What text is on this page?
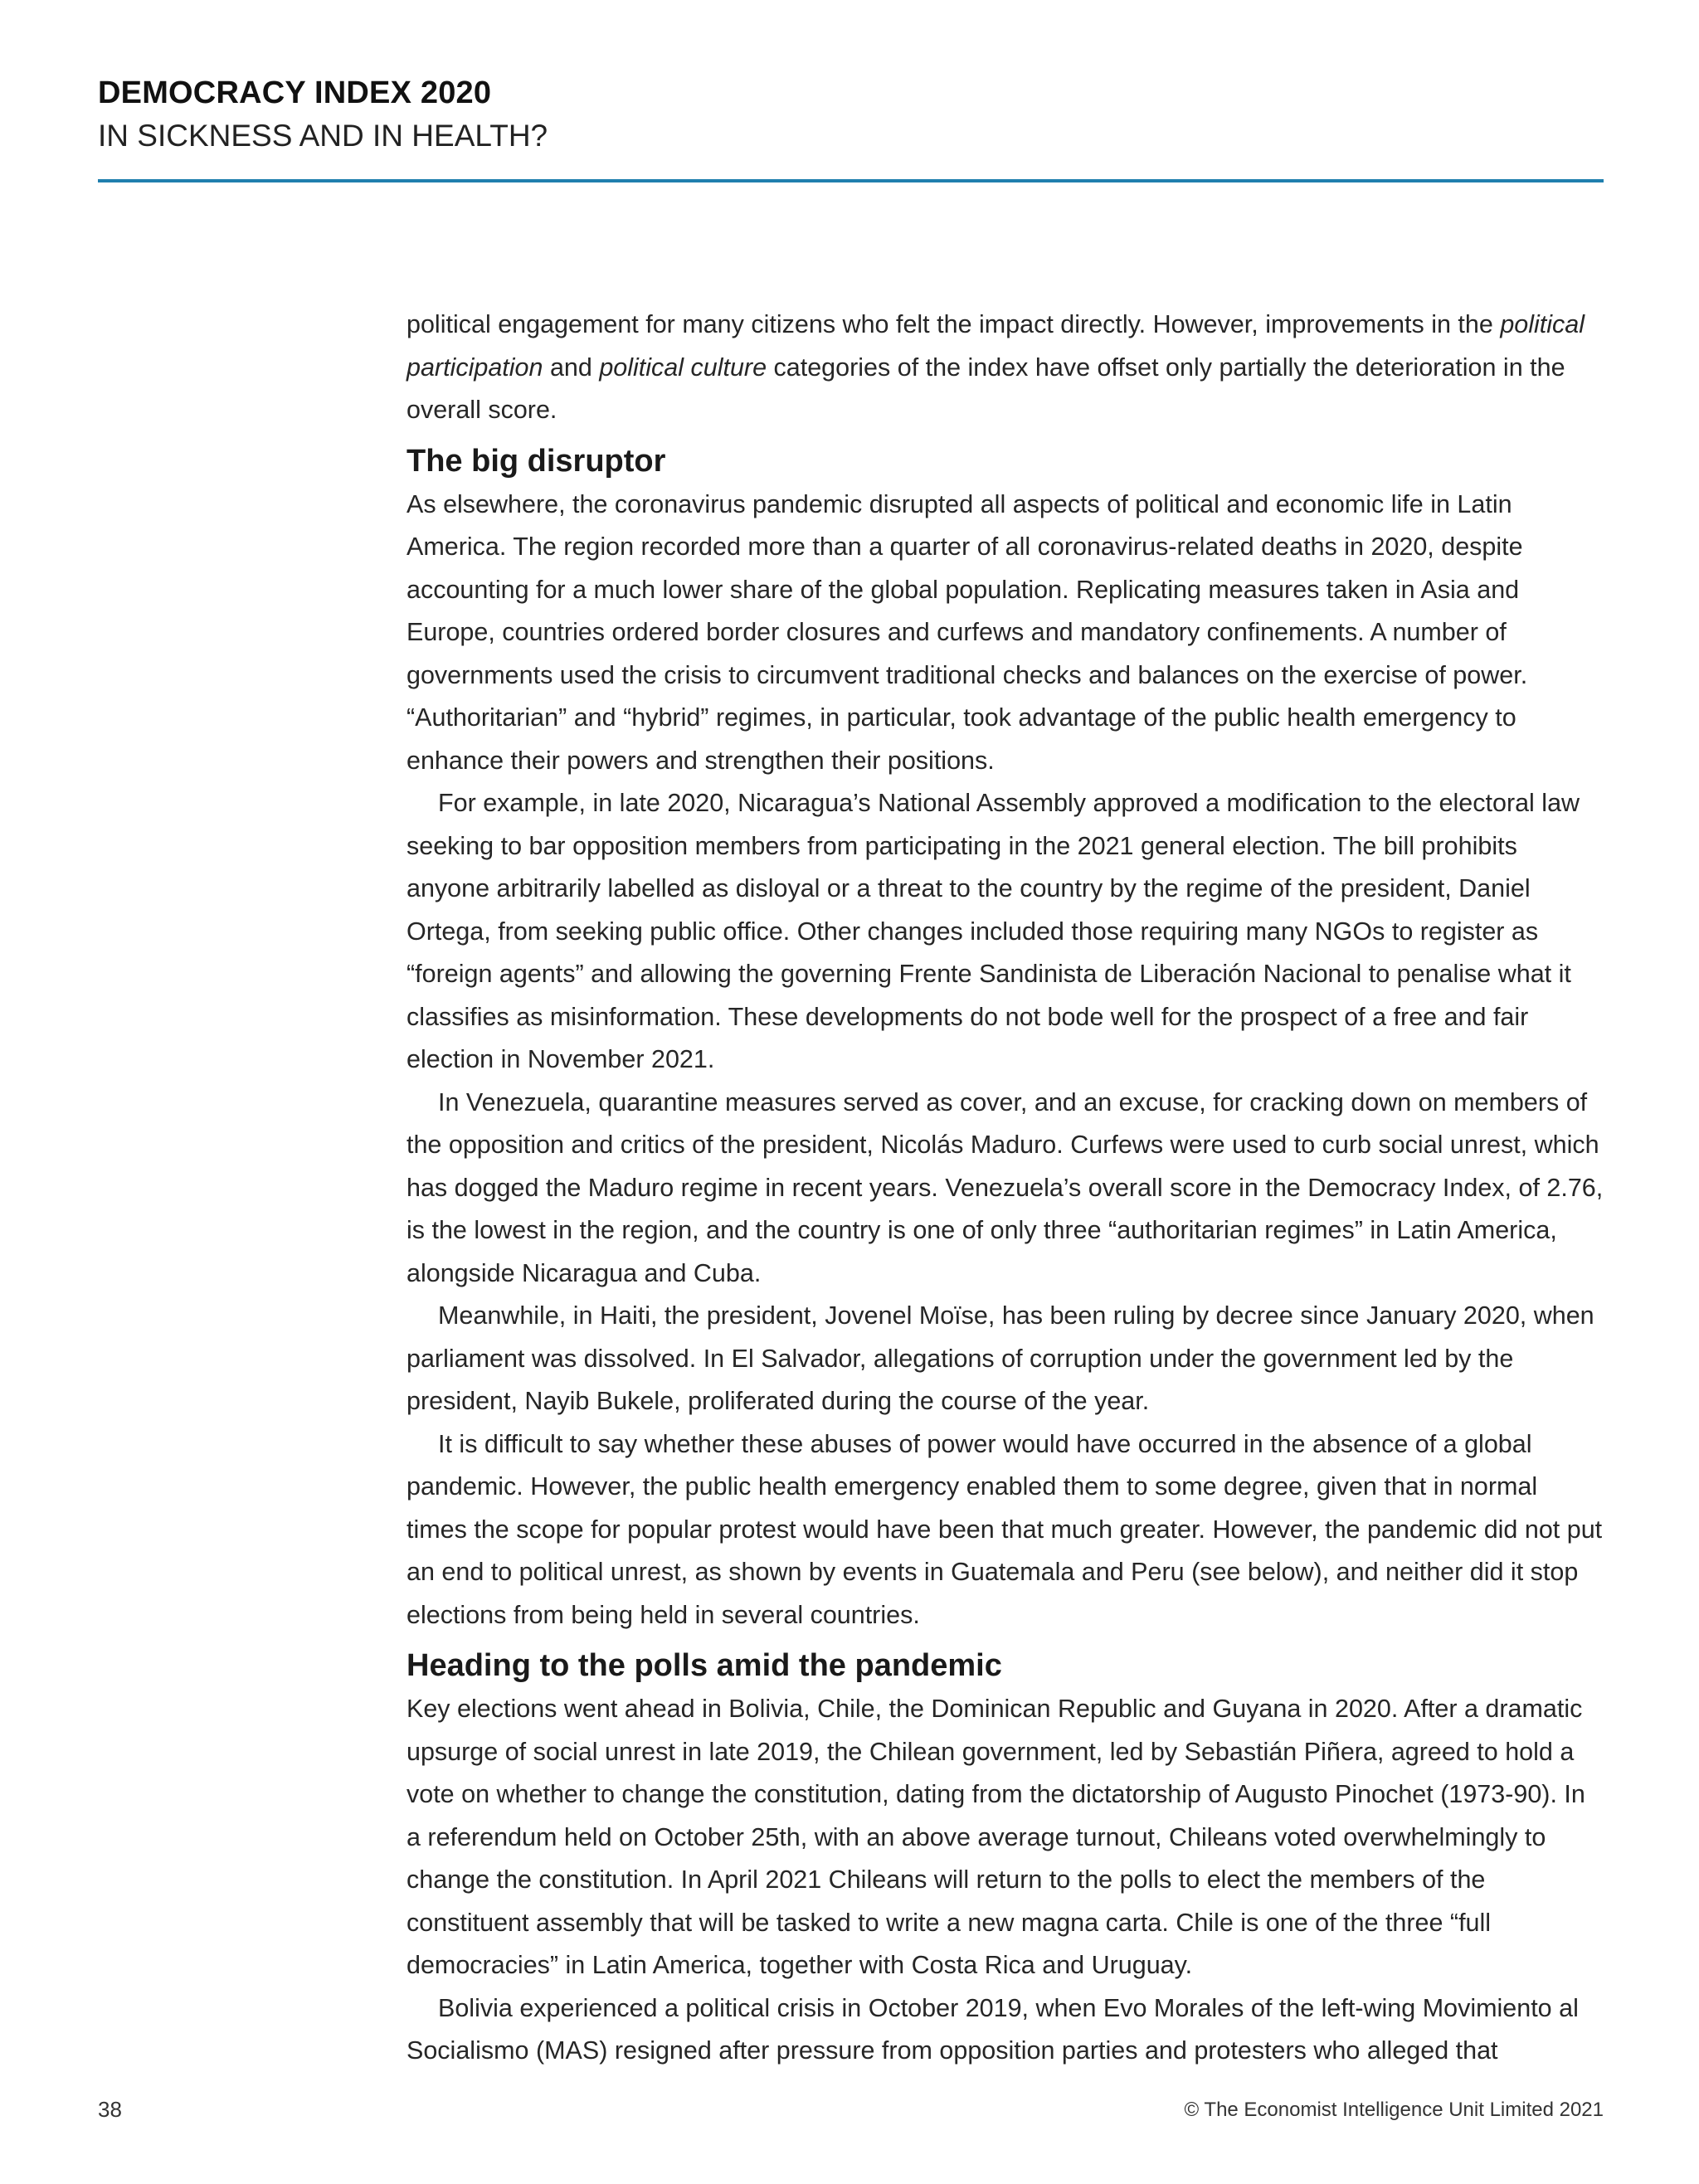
DEMOCRACY INDEX 2020
IN SICKNESS AND IN HEALTH?

political engagement for many citizens who felt the impact directly. However, improvements in the political participation and political culture categories of the index have offset only partially the deterioration in the overall score.

The big disruptor

As elsewhere, the coronavirus pandemic disrupted all aspects of political and economic life in Latin America. The region recorded more than a quarter of all coronavirus-related deaths in 2020, despite accounting for a much lower share of the global population. Replicating measures taken in Asia and Europe, countries ordered border closures and curfews and mandatory confinements. A number of governments used the crisis to circumvent traditional checks and balances on the exercise of power. “Authoritarian” and “hybrid” regimes, in particular, took advantage of the public health emergency to enhance their powers and strengthen their positions.

For example, in late 2020, Nicaragua’s National Assembly approved a modification to the electoral law seeking to bar opposition members from participating in the 2021 general election. The bill prohibits anyone arbitrarily labelled as disloyal or a threat to the country by the regime of the president, Daniel Ortega, from seeking public office. Other changes included those requiring many NGOs to register as “foreign agents” and allowing the governing Frente Sandinista de Liberación Nacional to penalise what it classifies as misinformation. These developments do not bode well for the prospect of a free and fair election in November 2021.

In Venezuela, quarantine measures served as cover, and an excuse, for cracking down on members of the opposition and critics of the president, Nicolás Maduro. Curfews were used to curb social unrest, which has dogged the Maduro regime in recent years. Venezuela’s overall score in the Democracy Index, of 2.76, is the lowest in the region, and the country is one of only three “authoritarian regimes” in Latin America, alongside Nicaragua and Cuba.

Meanwhile, in Haiti, the president, Jovenel Moïse, has been ruling by decree since January 2020, when parliament was dissolved. In El Salvador, allegations of corruption under the government led by the president, Nayib Bukele, proliferated during the course of the year.

It is difficult to say whether these abuses of power would have occurred in the absence of a global pandemic. However, the public health emergency enabled them to some degree, given that in normal times the scope for popular protest would have been that much greater. However, the pandemic did not put an end to political unrest, as shown by events in Guatemala and Peru (see below), and neither did it stop elections from being held in several countries.

Heading to the polls amid the pandemic

Key elections went ahead in Bolivia, Chile, the Dominican Republic and Guyana in 2020. After a dramatic upsurge of social unrest in late 2019, the Chilean government, led by Sebastián Piñera, agreed to hold a vote on whether to change the constitution, dating from the dictatorship of Augusto Pinochet (1973-90). In a referendum held on October 25th, with an above average turnout, Chileans voted overwhelmingly to change the constitution. In April 2021 Chileans will return to the polls to elect the members of the constituent assembly that will be tasked to write a new magna carta. Chile is one of the three “full democracies” in Latin America, together with Costa Rica and Uruguay.

Bolivia experienced a political crisis in October 2019, when Evo Morales of the left-wing Movimiento al Socialismo (MAS) resigned after pressure from opposition parties and protesters who alleged that

38	© The Economist Intelligence Unit Limited 2021
